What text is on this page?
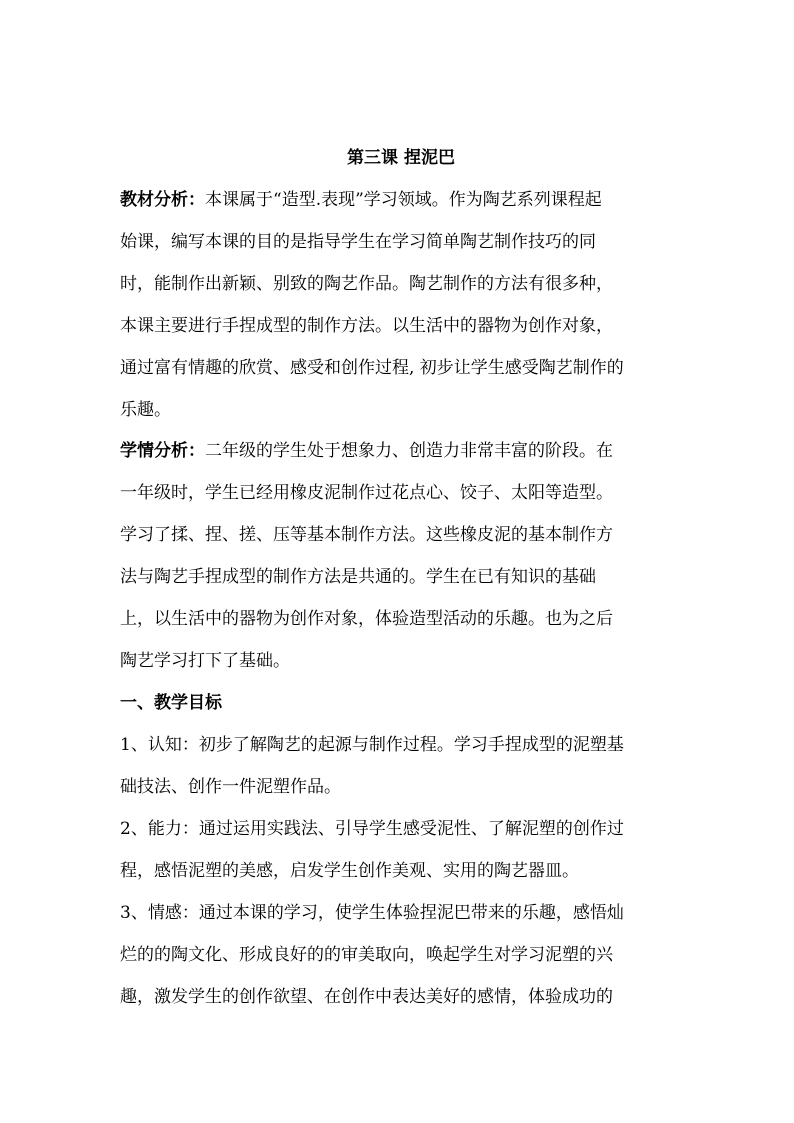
第三课 捏泥巴
教材分析：本课属于“造型.表现”学习领域。作为陶艺系列课程起
始课，编写本课的目的是指导学生在学习简单陶艺制作技巧的同
时，能制作出新颖、别致的陶艺作品。陶艺制作的方法有很多种，
本课主要进行手捏成型的制作方法。以生活中的器物为创作对象，
通过富有情趣的欣赏、感受和创作过程, 初步让学生感受陶艺制作的
乐趣。
学情分析：二年级的学生处于想象力、创造力非常丰富的阶段。在
一年级时，学生已经用橡皮泥制作过花点心、饺子、太阳等造型。
学习了揉、捏、搓、压等基本制作方法。这些橡皮泥的基本制作方
法与陶艺手捏成型的制作方法是共通的。学生在已有知识的基础
上，以生活中的器物为创作对象，体验造型活动的乐趣。也为之后
陶艺学习打下了基础。
一、教学目标
1、认知：初步了解陶艺的起源与制作过程。学习手捏成型的泥塑基
础技法、创作一件泥塑作品。
2、能力：通过运用实践法、引导学生感受泥性、了解泥塑的创作过
程，感悟泥塑的美感，启发学生创作美观、实用的陶艺器皿。
3、情感：通过本课的学习，使学生体验捏泥巴带来的乐趣，感悟灿
烂的的陶文化、形成良好的的审美取向，唤起学生对学习泥塑的兴
趣，激发学生的创作欲望、在创作中表达美好的感情，体验成功的
